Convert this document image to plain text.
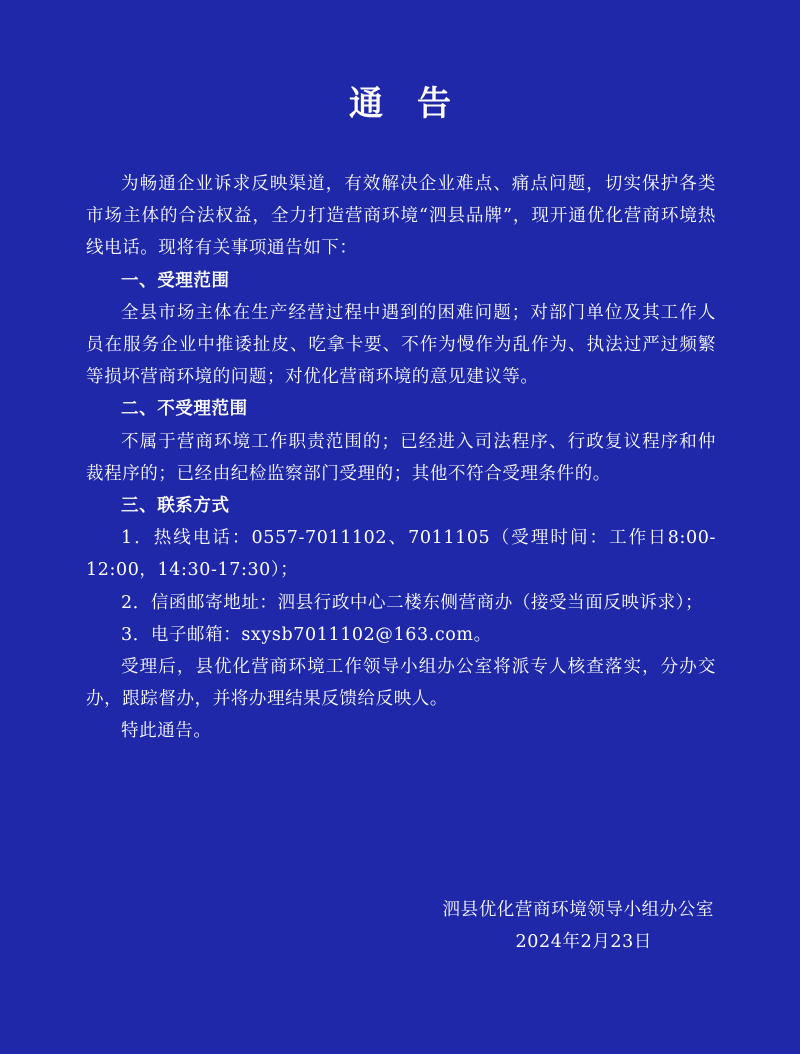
通告

为畅通企业诉求反映渠道，有效解决企业难点、痛点问题，切实保护各类市场主体的合法权益，全力打造营商环境“泗县品牌”，现开通优化营商环境热线电话。现将有关事项通告如下：

一、受理范围

全县市场主体在生产经营过程中遇到的困难问题；对部门单位及其工作人员在服务企业中推诿扯皮、吃拿卡要、不作为慢作为乱作为、执法过严过频繁等损坏营商环境的问题；对优化营商环境的意见建议等。

二、不受理范围

不属于营商环境工作职责范围的；已经进入司法程序、行政复议程序和仲裁程序的；已经由纪检监察部门受理的；其他不符合受理条件的。

三、联系方式

1．热线电话：0557-7011102、7011105（受理时间：工作日8:00-12:00，14:30-17:30）；

2．信函邮寄地址：泗县行政中心二楼东侧营商办（接受当面反映诉求）；

3．电子邮箱：sxysb7011102@163.com。

受理后，县优化营商环境工作领导小组办公室将派专人核查落实，分办交办，跟踪督办，并将办理结果反馈给反映人。

特此通告。

泗县优化营商环境领导小组办公室
2024年2月23日
